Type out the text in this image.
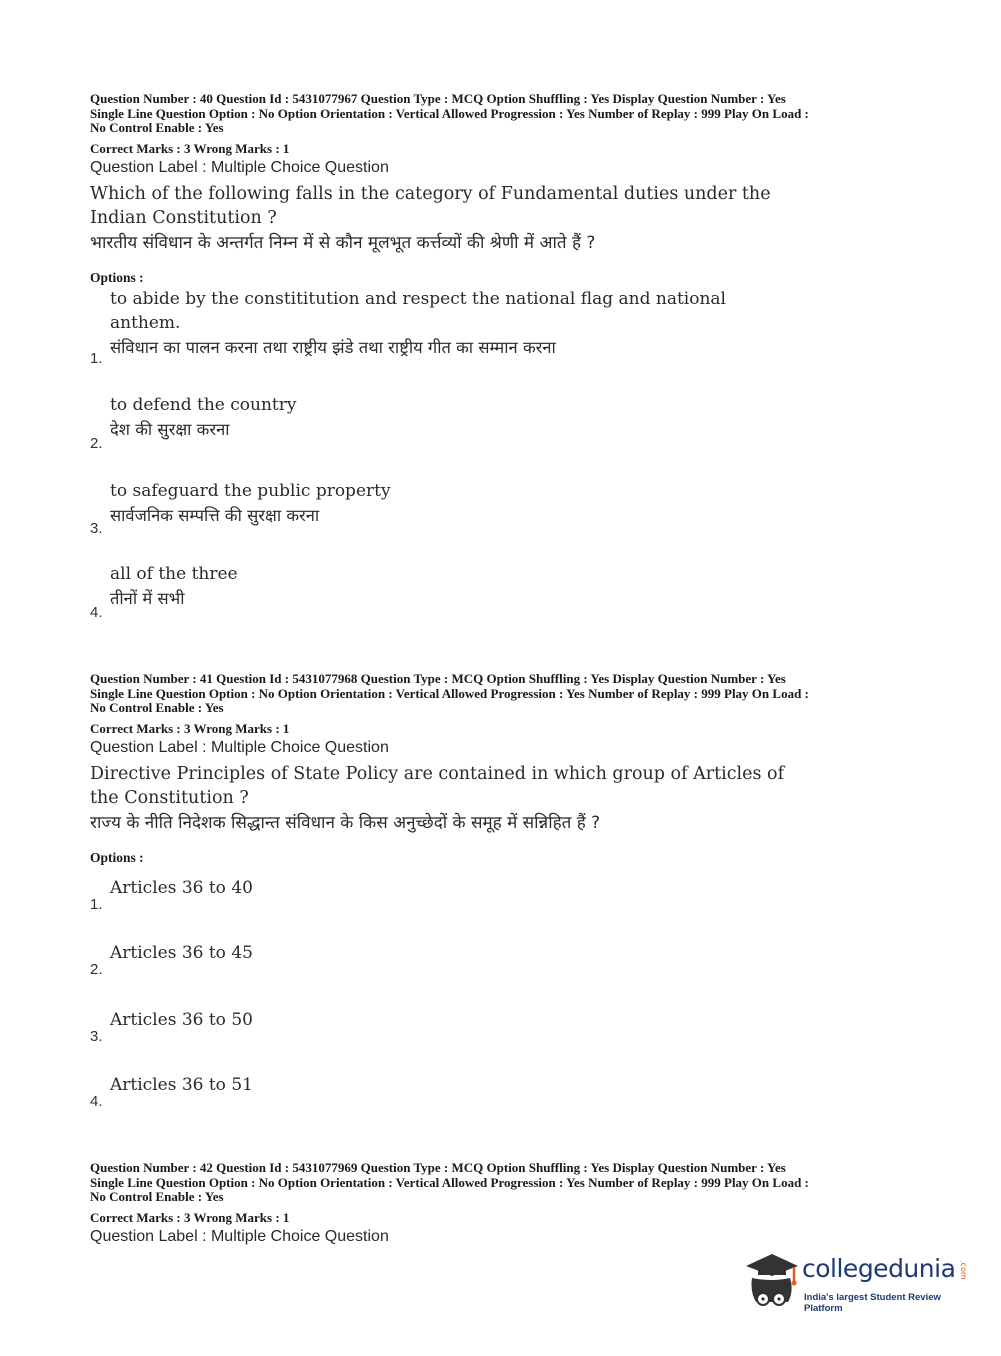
Question Number : 40 Question Id : 5431077967 Question Type : MCQ Option Shuffling : Yes Display Question Number : Yes

Single Line Question Option : No Option Orientation : Vertical Allowed Progression : Yes Number of Replay : 999 Play On Load :

No Control Enable : Yes

Correct Marks : 3 Wrong Marks : 1

Question Label : Multiple Choice Question

Which of the following falls in the category of Fundamental duties under the Indian Constitution ?

भारतीय संविधान के अन्तर्गत निम्न में से कौन मूलभूत कर्त्तव्यों की श्रेणी में आते हैं ?

Options :

to abide by the constititution and respect the national flag and national anthem.

संविधान का पालन करना तथा राष्ट्रीय झंडे तथा राष्ट्रीय गीत का सम्मान करना

1.

to defend the country

देश की सुरक्षा करना

2.

to safeguard the public property

सार्वजनिक सम्पत्ति की सुरक्षा करना

3.

all of the three

तीनों में सभी

4.

Question Number : 41 Question Id : 5431077968 Question Type : MCQ Option Shuffling : Yes Display Question Number : Yes

Single Line Question Option : No Option Orientation : Vertical Allowed Progression : Yes Number of Replay : 999 Play On Load :

No Control Enable : Yes

Correct Marks : 3 Wrong Marks : 1

Question Label : Multiple Choice Question

Directive Principles of State Policy are contained in which group of Articles of the Constitution ?

राज्य के नीति निदेशक सिद्धान्त संविधान के किस अनुच्छेदों के समूह में सन्निहित हैं ?

Options :

Articles 36 to 40

1.

Articles 36 to 45

2.

Articles 36 to 50

3.

Articles 36 to 51

4.

Question Number : 42 Question Id : 5431077969 Question Type : MCQ Option Shuffling : Yes Display Question Number : Yes

Single Line Question Option : No Option Orientation : Vertical Allowed Progression : Yes Number of Replay : 999 Play On Load :

No Control Enable : Yes

Correct Marks : 3 Wrong Marks : 1

Question Label : Multiple Choice Question

collegedunia .com
India's largest Student Review Platform
